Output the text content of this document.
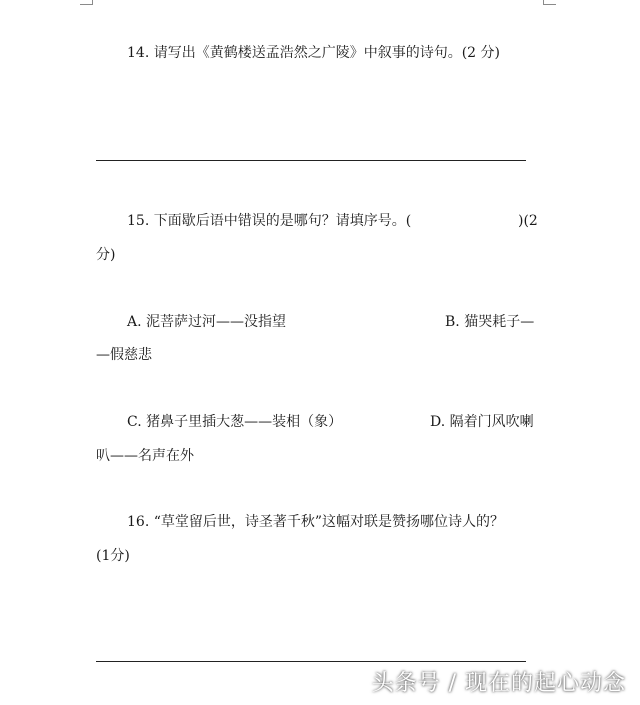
14. 请写出《黄鹤楼送孟浩然之广陵》中叙事的诗句。(2 分)
15. 下面歇后语中错误的是哪句？请填序号。(	)(2
分)
A. 泥菩萨过河——没指望	B. 猫哭耗子—
—假慈悲
C. 猪鼻子里插大葱——装相（象）	D. 隔着门风吹喇
叭——名声在外
16. “草堂留后世，诗圣著千秋”这幅对联是赞扬哪位诗人的？
(1分)
头条号 / 现在的起心动念
